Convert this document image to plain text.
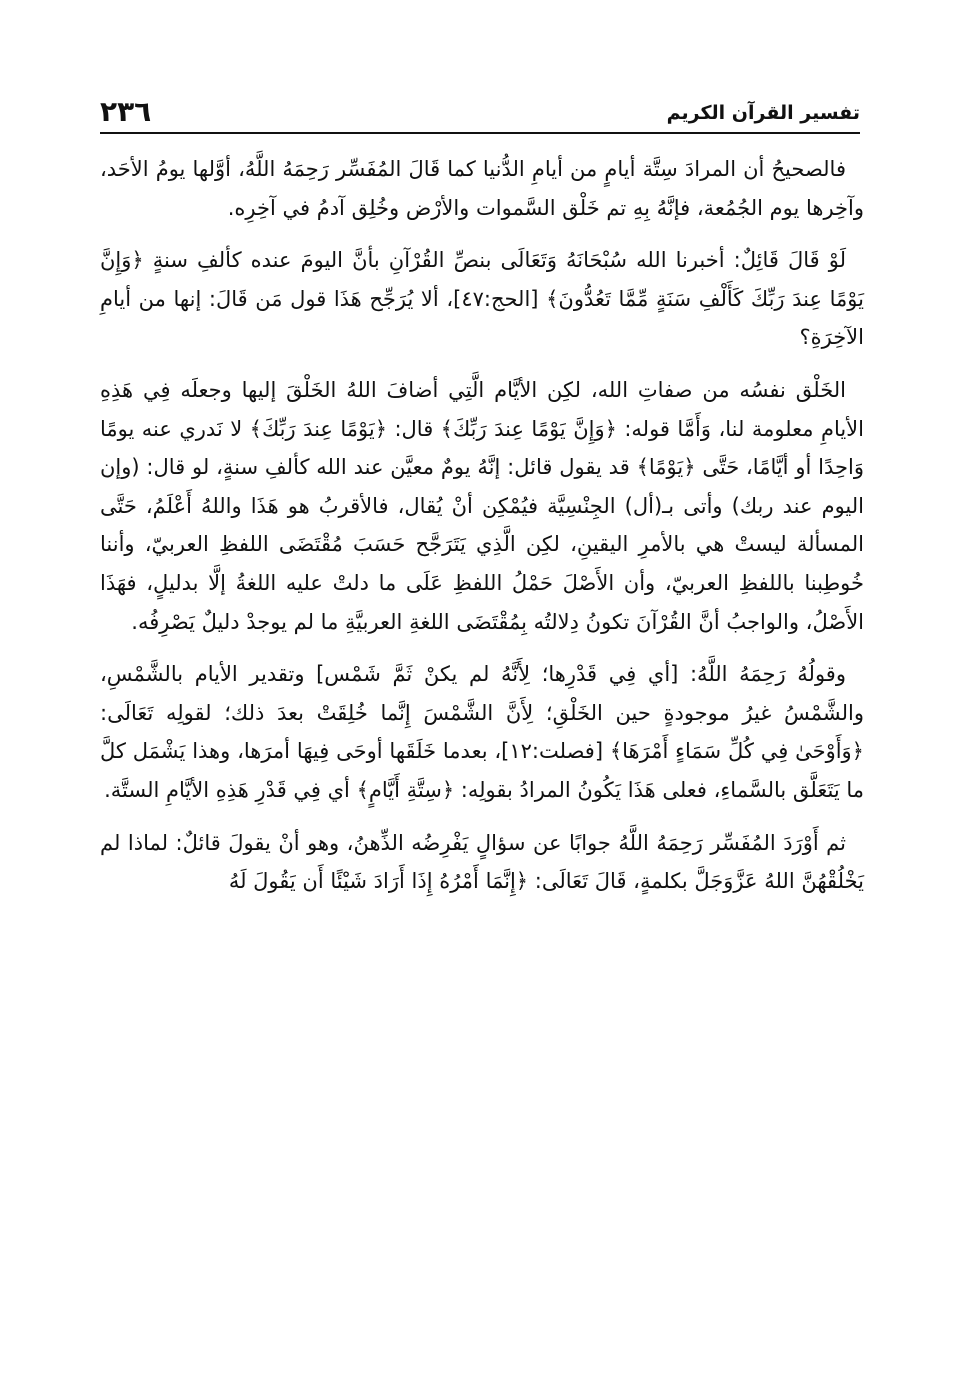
٢٣٦	تفسير القرآن الكريم

فالصحيحُ أن المرادَ سِتَّة أيامٍ من أيامِ الدُّنيا كما قَالَ المُفَسِّر رَحِمَهُ اللَّهُ، أوَّلها يومُ الأحَد، وآخِرها يوم الجُمُعة، فإنَّهُ بِهِ تم خَلْق السَّموات والأرْض وخُلِق آدمُ في آخِرِه.

لَوْ قَالَ قَائِلٌ: أخبرنا الله سُبْحَانَهُ وَتَعَالَى بنصِّ القُرْآنِ بأنَّ اليومَ عنده كألفِ سنةٍ ﴿وَإِنَّ يَوْمًا عِندَ رَبِّكَ كَأَلْفِ سَنَةٍ مِّمَّا تَعُدُّونَ﴾ [الحج:٤٧]، ألا يُرَجِّح هَذَا قول مَن قَالَ: إنها من أيامِ الآخِرَةِ؟

الخَلْق نفسُه من صفاتِ الله، لكِن الأيَّام الَّتِي أضافَ اللهُ الخَلْقَ إليها وجعلَه فِي هَذِهِ الأيامِ معلومة لنا، وَأَمَّا قوله: ﴿وَإِنَّ يَوْمًا عِندَ رَبِّكَ﴾ قال: ﴿يَوْمًا عِندَ رَبِّكَ﴾ لا نَدري عنه يومًا وَاحِدًا أو أيَّامًا، حَتَّى ﴿يَوْمًا﴾ قد يقول قائل: إنَّهُ يومٌ معيَّن عند الله كألفِ سنةٍ، لو قال: (وإن اليوم عند ربك) وأتى بـ(أل) الجِنْسِيَّة فيُمْكِن أنْ يُقال، فالأقربُ هو هَذَا واللهُ أَعْلَمُ، حَتَّى المسألة ليستْ هي بالأمرِ اليقينِ، لكِن الَّذِي يَتَرَجَّح حَسَبَ مُقْتَضَى اللفظِ العربيّ، وأننا خُوطِبنا باللفظِ العربيّ، وأن الأَصْلَ حَمْلُ اللفظِ عَلَى ما دلتْ عليه اللغةُ إلَّا بدليلٍ، فهَذَا الأَصْلُ، والواجبُ أنَّ القُرْآنَ تكونُ دِلالتُه بِمُقْتَضَى اللغةِ العربيَّةِ ما لم يوجدْ دليلٌ يَصْرِفُه.

وقولُهُ رَحِمَهُ اللَّهُ: [أي فِي قَدْرِها؛ لِأَنَّهُ لم يكنْ ثَمَّ شَمْس] وتقدير الأيام بالشَّمْسِ، والشَّمْسُ غيرُ موجودةٍ حين الخَلْقِ؛ لِأَنَّ الشَّمْسَ إِنَّما خُلِقَتْ بعدَ ذلك؛ لقولِه تَعَالَى: ﴿وَأَوْحَىٰ فِي كُلِّ سَمَاءٍ أَمْرَهَا﴾ [فصلت:١٢]، بعدما خَلَقَها أوحَى فِيهَا أمرَها، وهذا يَشْمَل كلَّ ما يَتَعَلَّق بالسَّماءِ، فعلى هَذَا يَكُونُ المرادُ بقولِه: ﴿سِتَّةِ أَيَّامٍ﴾ أي فِي قَدْرِ هَذِهِ الأيَّامِ الستَّة.

ثم أَوْرَدَ المُفَسِّر رَحِمَهُ اللَّهُ جوابًا عن سؤالٍ يَفْرِضُه الذِّهنُ، وهو أنْ يقولَ قائلٌ: لماذا لم يَخْلُقْهُنَّ اللهُ عَزَّوَجَلَّ بكلمةٍ، قَالَ تَعَالَى: ﴿إِنَّمَا أَمْرُهُ إِذَا أَرَادَ شَيْئًا أَن يَقُولَ لَهُ
